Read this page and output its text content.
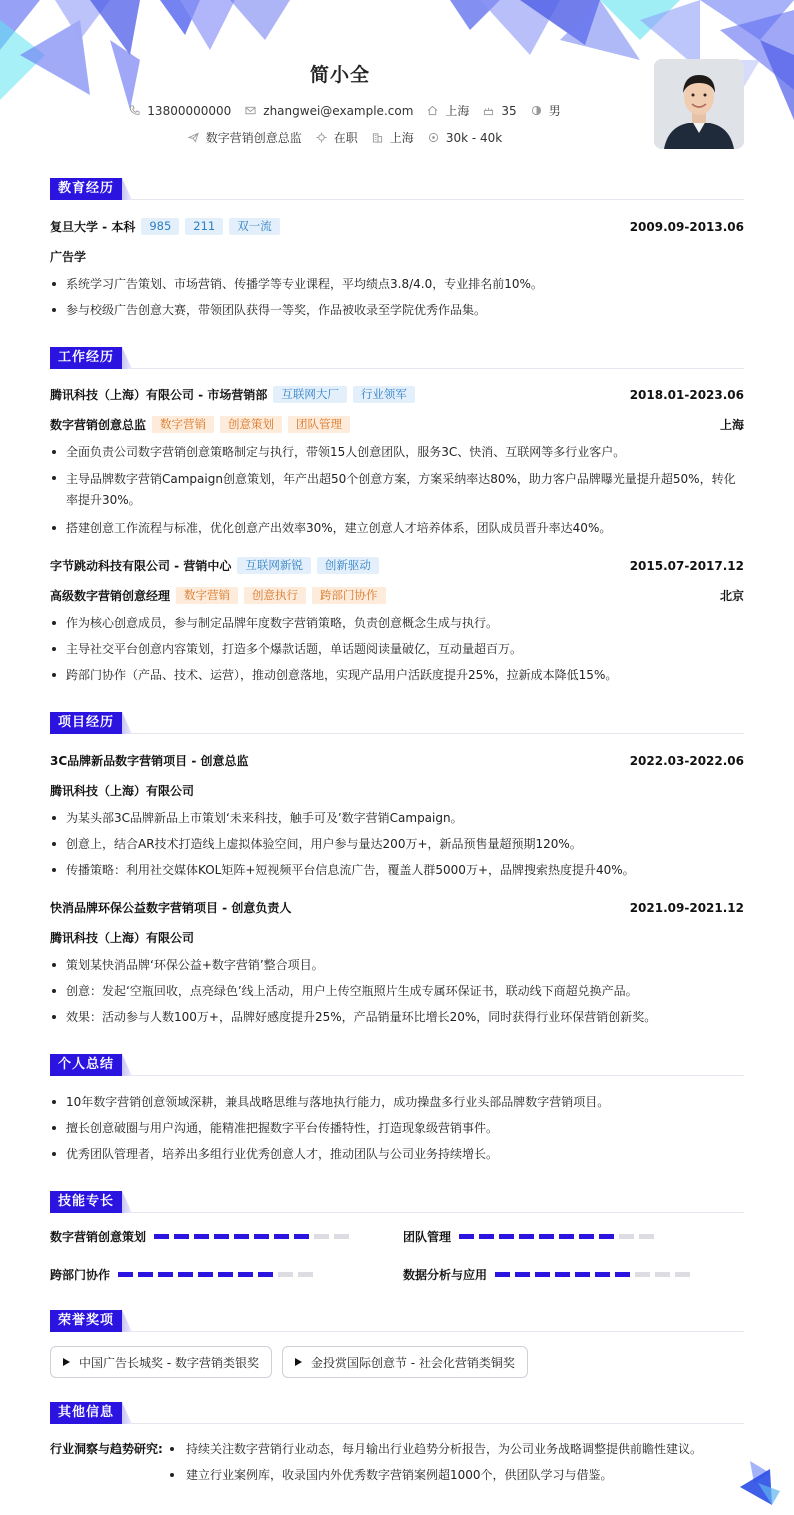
简小全
13800000000	zhangwei@example.com	上海	35	男
数字营销创意总监	在职	上海	30k - 40k
教育经历
复旦大学 - 本科	985	211	双一流	2009.09-2013.06
广告学
系统学习广告策划、市场营销、传播学等专业课程，平均绩点3.8/4.0，专业排名前10%。
参与校级广告创意大赛，带领团队获得一等奖，作品被收录至学院优秀作品集。
工作经历
腾讯科技（上海）有限公司 - 市场营销部	互联网大厂	行业领军	2018.01-2023.06
数字营销创意总监	数字营销	创意策划	团队管理	上海
全面负责公司数字营销创意策略制定与执行，带领15人创意团队，服务3C、快消、互联网等多行业客户。
主导品牌数字营销Campaign创意策划，年产出超50个创意方案，方案采纳率达80%，助力客户品牌曝光量提升超50%，转化率提升30%。
搭建创意工作流程与标准，优化创意产出效率30%，建立创意人才培养体系，团队成员晋升率达40%。
字节跳动科技有限公司 - 营销中心	互联网新锐	创新驱动	2015.07-2017.12
高级数字营销创意经理	数字营销	创意执行	跨部门协作	北京
作为核心创意成员，参与制定品牌年度数字营销策略，负责创意概念生成与执行。
主导社交平台创意内容策划，打造多个爆款话题，单话题阅读量破亿，互动量超百万。
跨部门协作（产品、技术、运营），推动创意落地，实现产品用户活跃度提升25%，拉新成本降低15%。
项目经历
3C品牌新品数字营销项目 - 创意总监	2022.03-2022.06
腾讯科技（上海）有限公司
为某头部3C品牌新品上市策划‘未来科技，触手可及’数字营销Campaign。
创意上，结合AR技术打造线上虚拟体验空间，用户参与量达200万+，新品预售量超预期120%。
传播策略：利用社交媒体KOL矩阵+短视频平台信息流广告，覆盖人群5000万+，品牌搜索热度提升40%。
快消品牌环保公益数字营销项目 - 创意负责人	2021.09-2021.12
腾讯科技（上海）有限公司
策划某快消品牌‘环保公益+数字营销’整合项目。
创意：发起‘空瓶回收，点亮绿色’线上活动，用户上传空瓶照片生成专属环保证书，联动线下商超兑换产品。
效果：活动参与人数100万+，品牌好感度提升25%，产品销量环比增长20%，同时获得行业环保营销创新奖。
个人总结
10年数字营销创意领域深耕，兼具战略思维与落地执行能力，成功操盘多行业头部品牌数字营销项目。
擅长创意破圈与用户沟通，能精准把握数字平台传播特性，打造现象级营销事件。
优秀团队管理者，培养出多组行业优秀创意人才，推动团队与公司业务持续增长。
技能专长
数字营销创意策划	团队管理
跨部门协作	数据分析与应用
荣誉奖项
中国广告长城奖 - 数字营销类银奖	金投赏国际创意节 - 社会化营销类铜奖
其他信息
行业洞察与趋势研究:	持续关注数字营销行业动态，每月输出行业趋势分析报告，为公司业务战略调整提供前瞻性建议。
建立行业案例库，收录国内外优秀数字营销案例超1000个，供团队学习与借鉴。
